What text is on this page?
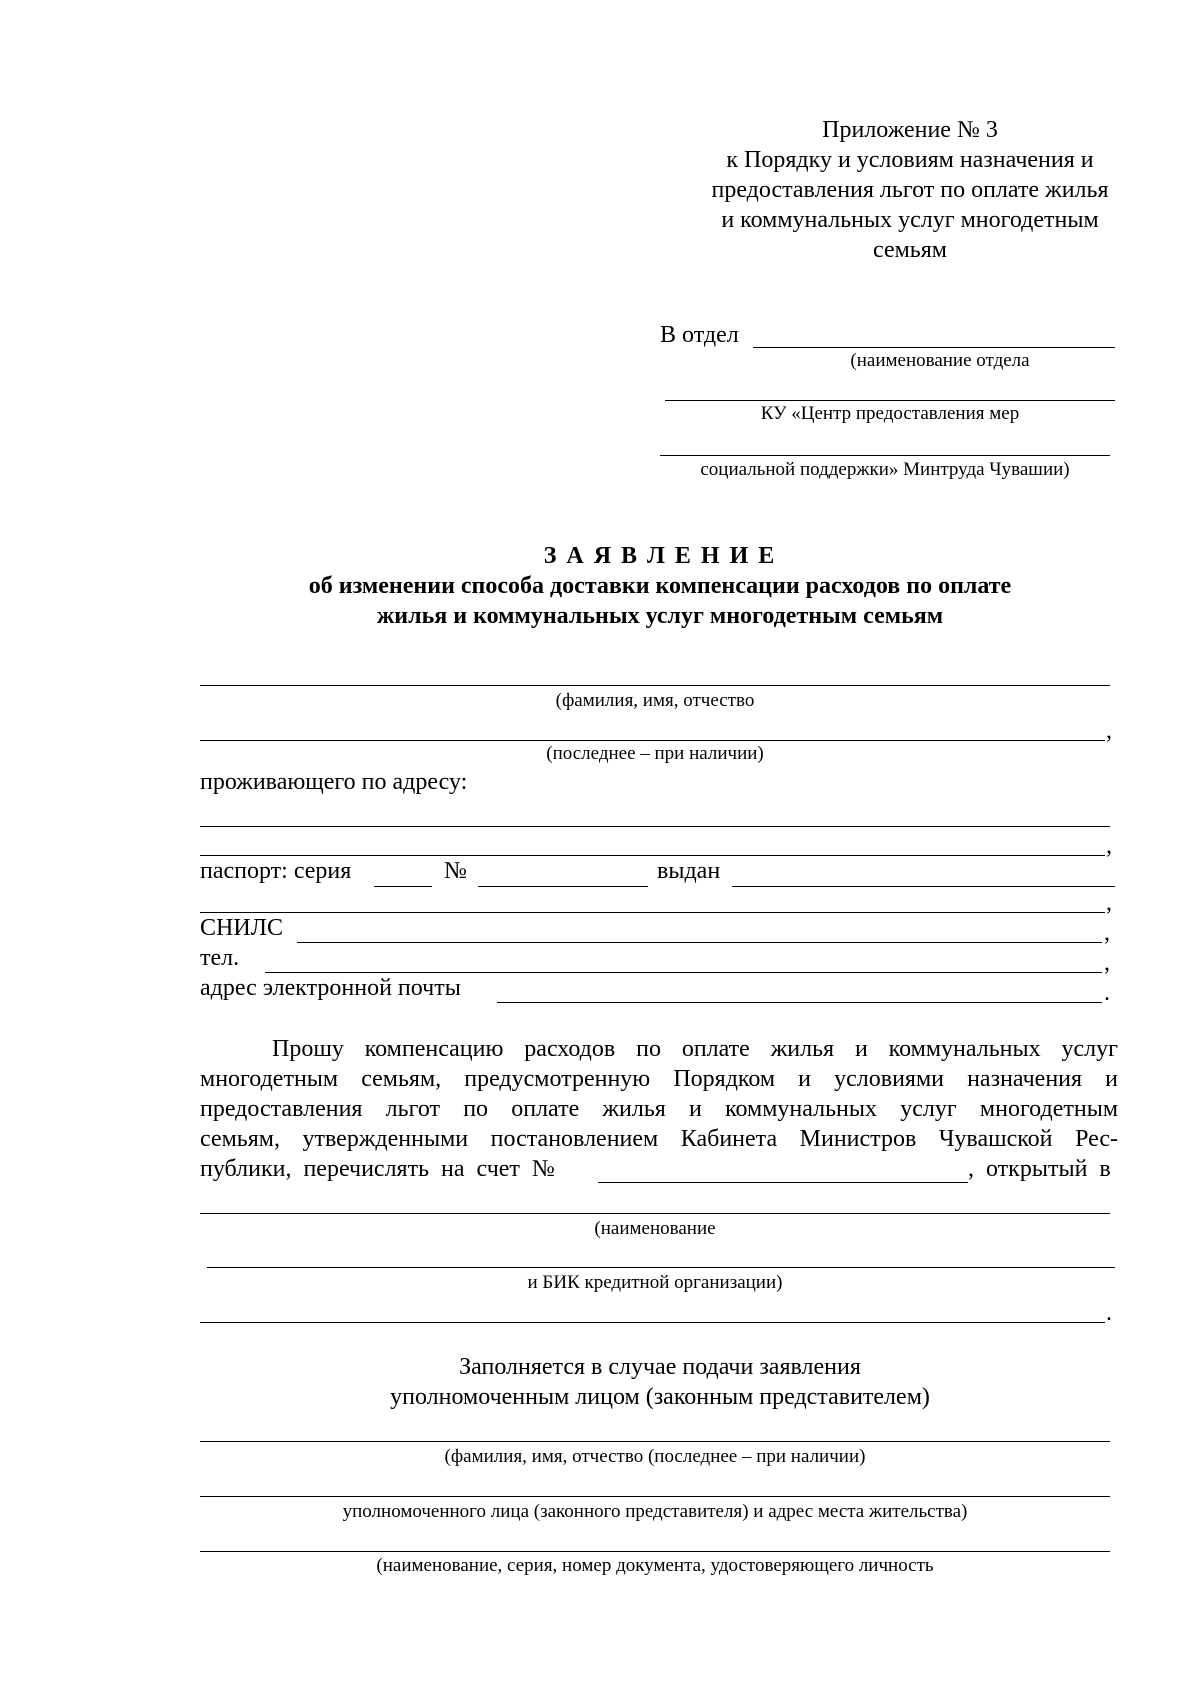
Приложение № 3
к Порядку и условиям назначения и
предоставления льгот по оплате жилья
и коммунальных услуг многодетным
семьям
В отдел
(наименование отдела
КУ «Центр предоставления мер
социальной поддержки» Минтруда Чувашии)
З А Я В Л Е Н И Е
об изменении способа доставки компенсации расходов по оплате
жилья и коммунальных услуг многодетным семьям
(фамилия, имя, отчество
,
(последнее – при наличии)
проживающего по адресу:
,
паспорт: серия	№	выдан
,
СНИЛС	,
тел.	,
адрес электронной почты	.
Прошу компенсацию расходов по оплате жилья и коммунальных услуг
многодетным семьям, предусмотренную Порядком и условиями назначения и
предоставления льгот по оплате жилья и коммунальных услуг многодетным
семьям, утвержденными постановлением Кабинета Министров Чувашской Рес-
публики, перечислять на счет №	, открытый в
(наименование
и БИК кредитной организации)
.
Заполняется в случае подачи заявления
уполномоченным лицом (законным представителем)
(фамилия, имя, отчество (последнее – при наличии)
уполномоченного лица (законного представителя) и адрес места жительства)
(наименование, серия, номер документа, удостоверяющего личность
